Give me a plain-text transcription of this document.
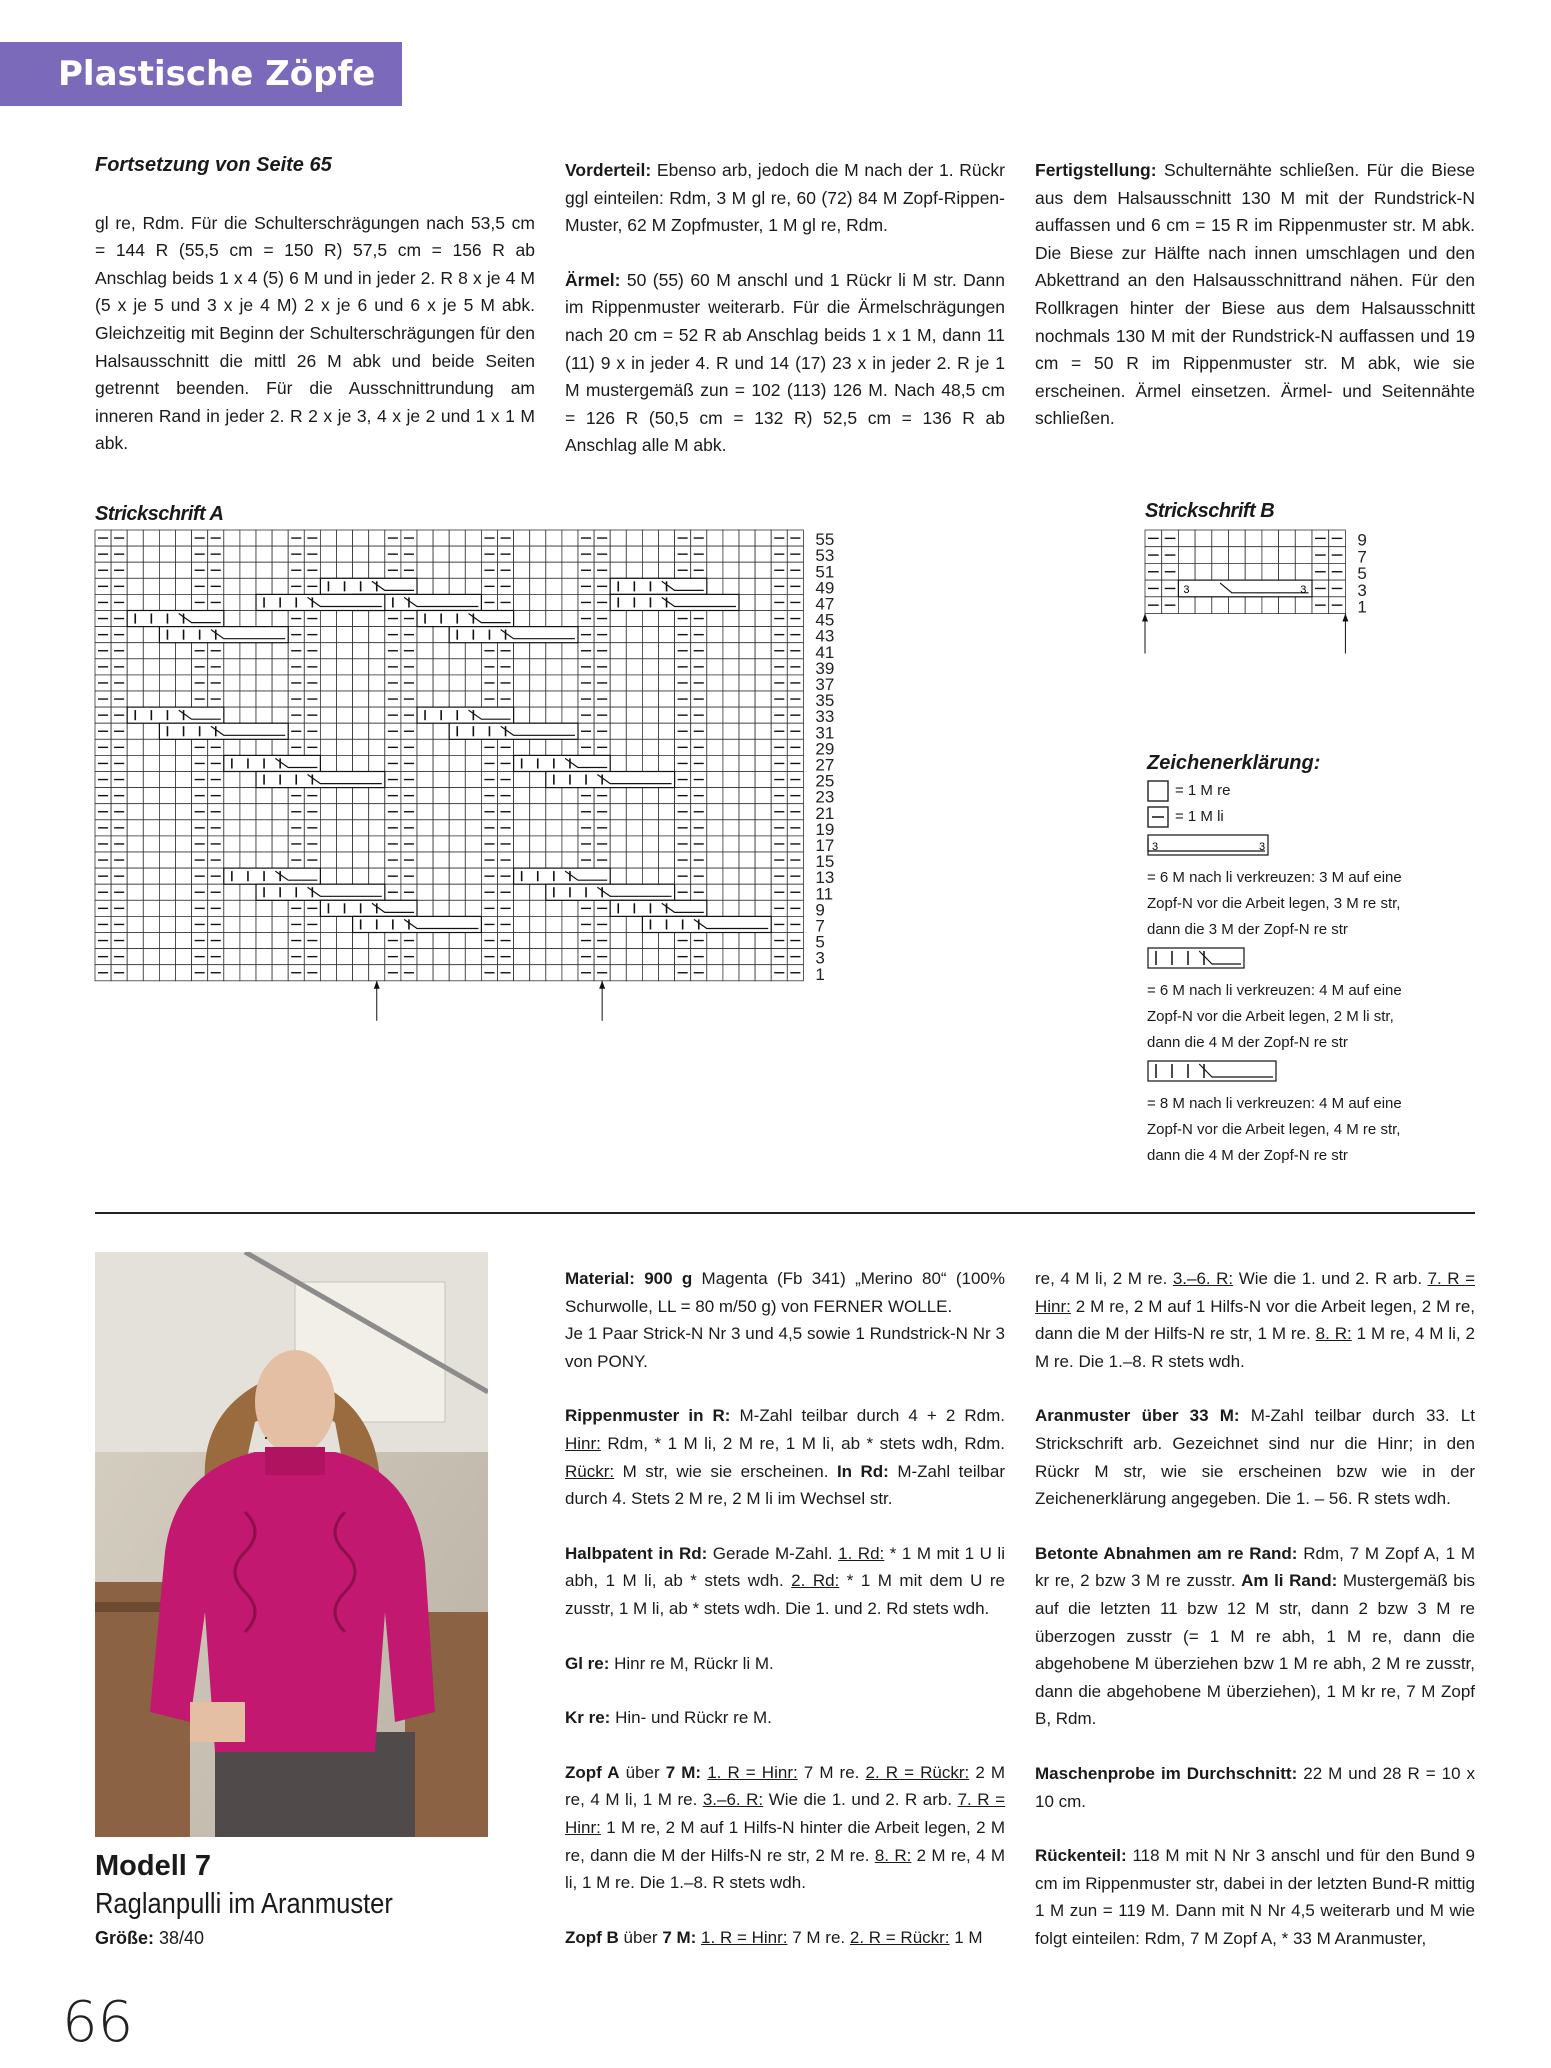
Plastische Zöpfe
Fortsetzung von Seite 65

gl re, Rdm. Für die Schulterschrägungen nach 53,5 cm = 144 R (55,5 cm = 150 R) 57,5 cm = 156 R ab Anschlag beids 1 x 4 (5) 6 M und in jeder 2. R 8 x je 4 M (5 x je 5 und 3 x je 4 M) 2 x je 6 und 6 x je 5 M abk. Gleichzeitig mit Beginn der Schulterschrägungen für den Halsausschnitt die mittl 26 M abk und beide Seiten getrennt beenden. Für die Ausschnittrundung am inneren Rand in jeder 2. R 2 x je 3, 4 x je 2 und 1 x 1 M abk.

Vorderteil: Ebenso arb, jedoch die M nach der 1. Rückr ggl einteilen: Rdm, 3 M gl re, 60 (72) 84 M Zopf-Rippen-Muster, 62 M Zopfmuster, 1 M gl re, Rdm.

Ärmel: 50 (55) 60 M anschl und 1 Rückr li M str. Dann im Rippenmuster weiterarb. Für die Ärmelschrägungen nach 20 cm = 52 R ab Anschlag beids 1 x 1 M, dann 11 (11) 9 x in jeder 4. R und 14 (17) 23 x in jeder 2. R je 1 M mustergemäß zun = 102 (113) 126 M. Nach 48,5 cm = 126 R (50,5 cm = 132 R) 52,5 cm = 136 R ab Anschlag alle M abk.

Fertigstellung: Schulternähte schließen. Für die Biese aus dem Halsausschnitt 130 M mit der Rundstrick-N auffassen und 6 cm = 15 R im Rippenmuster str. M abk. Die Biese zur Hälfte nach innen umschlagen und den Abkettrand an den Halsausschnittrand nähen. Für den Rollkragen hinter der Biese aus dem Halsausschnitt nochmals 130 M mit der Rundstrick-N auffassen und 19 cm = 50 R im Rippenmuster str. M abk, wie sie erscheinen. Ärmel einsetzen. Ärmel- und Seitennähte schließen.

Strickschrift A
55
53
51
49
47
45
43
41
39
37
35
33
31
29
27
25
23
21
19
17
15
13
11
9
7
5
3
1
Strickschrift B
3	3
9
7
5
3
1
Zeichenerklärung:
= 1 M re
= 1 M li
3	3
= 6 M nach li verkreuzen: 3 M auf eine Zopf-N vor die Arbeit legen, 3 M re str, dann die 3 M der Zopf-N re str
= 6 M nach li verkreuzen: 4 M auf eine Zopf-N vor die Arbeit legen, 2 M li str, dann die 4 M der Zopf-N re str
= 8 M nach li verkreuzen: 4 M auf eine Zopf-N vor die Arbeit legen, 4 M re str, dann die 4 M der Zopf-N re str
Modell 7
Raglanpulli im Aranmuster
Größe: 38/40

Material: 900 g Magenta (Fb 341) „Merino 80“ (100% Schurwolle, LL = 80 m/50 g) von FERNER WOLLE.
Je 1 Paar Strick-N Nr 3 und 4,5 sowie 1 Rundstrick-N Nr 3 von PONY.

Rippenmuster in R: M-Zahl teilbar durch 4 + 2 Rdm. Hinr: Rdm, * 1 M li, 2 M re, 1 M li, ab * stets wdh, Rdm. Rückr: M str, wie sie erscheinen. In Rd: M-Zahl teilbar durch 4. Stets 2 M re, 2 M li im Wechsel str.

Halbpatent in Rd: Gerade M-Zahl. 1. Rd: * 1 M mit 1 U li abh, 1 M li, ab * stets wdh. 2. Rd: * 1 M mit dem U re zusstr, 1 M li, ab * stets wdh. Die 1. und 2. Rd stets wdh.

Gl re: Hinr re M, Rückr li M.

Kr re: Hin- und Rückr re M.

Zopf A über 7 M: 1. R = Hinr: 7 M re. 2. R = Rückr: 2 M re, 4 M li, 1 M re. 3.–6. R: Wie die 1. und 2. R arb. 7. R = Hinr: 1 M re, 2 M auf 1 Hilfs-N hinter die Arbeit legen, 2 M re, dann die M der Hilfs-N re str, 2 M re. 8. R: 2 M re, 4 M li, 1 M re. Die 1.–8. R stets wdh.

Zopf B über 7 M: 1. R = Hinr: 7 M re. 2. R = Rückr: 1 M

re, 4 M li, 2 M re. 3.–6. R: Wie die 1. und 2. R arb. 7. R = Hinr: 2 M re, 2 M auf 1 Hilfs-N vor die Arbeit legen, 2 M re, dann die M der Hilfs-N re str, 1 M re. 8. R: 1 M re, 4 M li, 2 M re. Die 1.–8. R stets wdh.

Aranmuster über 33 M: M-Zahl teilbar durch 33. Lt Strickschrift arb. Gezeichnet sind nur die Hinr; in den Rückr M str, wie sie erscheinen bzw wie in der Zeichenerklärung angegeben. Die 1. – 56. R stets wdh.

Betonte Abnahmen am re Rand: Rdm, 7 M Zopf A, 1 M kr re, 2 bzw 3 M re zusstr. Am li Rand: Mustergemäß bis auf die letzten 11 bzw 12 M str, dann 2 bzw 3 M re überzogen zusstr (= 1 M re abh, 1 M re, dann die abgehobene M überziehen bzw 1 M re abh, 2 M re zusstr, dann die abgehobene M überziehen), 1 M kr re, 7 M Zopf B, Rdm.

Maschenprobe im Durchschnitt: 22 M und 28 R = 10 x 10 cm.

Rückenteil: 118 M mit N Nr 3 anschl und für den Bund 9 cm im Rippenmuster str, dabei in der letzten Bund-R mittig 1 M zun = 119 M. Dann mit N Nr 4,5 weiterarb und M wie folgt einteilen: Rdm, 7 M Zopf A, * 33 M Aranmuster,

66
